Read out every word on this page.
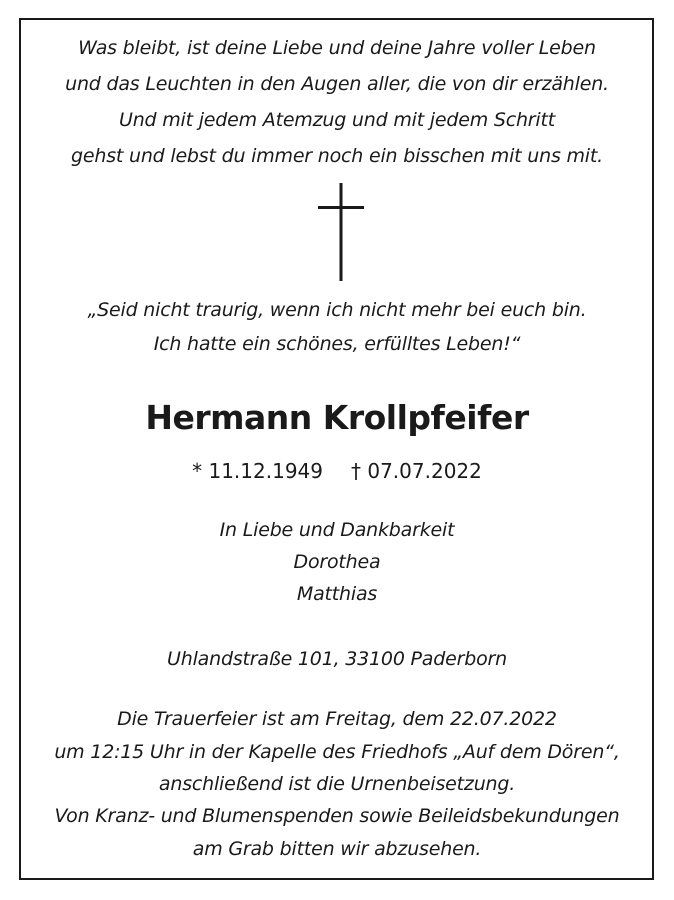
Was bleibt, ist deine Liebe und deine Jahre voller Leben
und das Leuchten in den Augen aller, die von dir erzählen.
Und mit jedem Atemzug und mit jedem Schritt
gehst und lebst du immer noch ein bisschen mit uns mit.
„Seid nicht traurig, wenn ich nicht mehr bei euch bin.
Ich hatte ein schönes, erfülltes Leben!“
Hermann Krollpfeifer
* 11.12.1949 † 07.07.2022
In Liebe und Dankbarkeit
Dorothea
Matthias
Uhlandstraße 101, 33100 Paderborn
Die Trauerfeier ist am Freitag, dem 22.07.2022
um 12:15 Uhr in der Kapelle des Friedhofs „Auf dem Dören“,
anschließend ist die Urnenbeisetzung.
Von Kranz- und Blumenspenden sowie Beileidsbekundungen
am Grab bitten wir abzusehen.
